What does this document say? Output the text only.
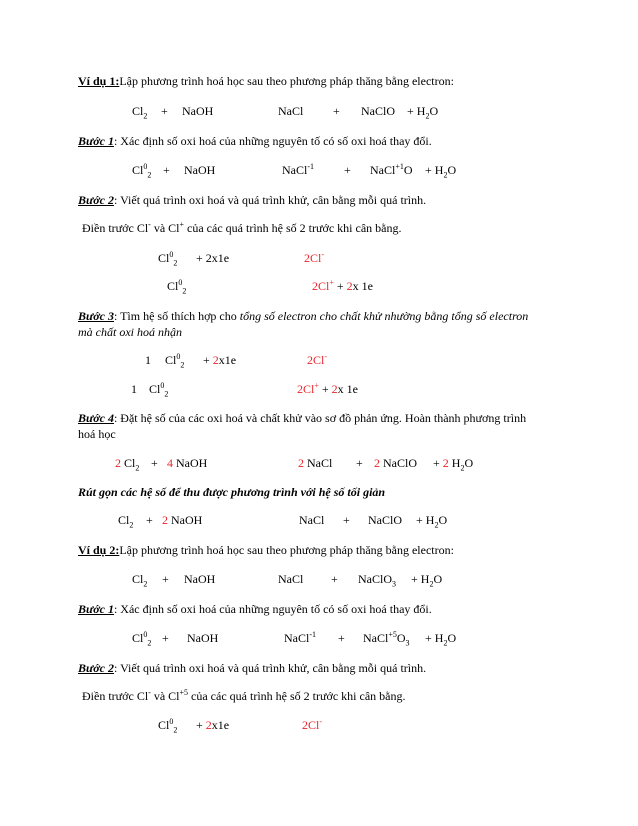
Ví dụ 1:Lập phương trình hoá học sau theo phương pháp thăng bằng electron:
$Cl_2$ + NaOH	NaCl + NaClO + $H_2O$
Bước 1: Xác định số oxi hoá của những nguyên tố có số oxi hoá thay đổi.
$Cl^0_2$ + NaOH	NaCl$^{-1}$ + NaCl$^{+1}$O + $H_2O$
Bước 2: Viết quá trình oxi hoá và quá trình khử, cân bằng mỗi quá trình.
Điền trước Cl- và Cl+ của các quá trình hệ số 2 trước khi cân bằng.
$Cl^0_2 + 2x1e$	2Cl-
$Cl^0_2$	2Cl+ + 2x 1e
Bước 3: Tìm hệ số thích hợp cho tổng số electron cho chất khử nhường bằng tổng số electron
mà chất oxi hoá nhận
1 $Cl^0_2 + 2x1e$	2Cl-
1 $Cl^0_2$	2Cl+ + 2x 1e
Bước 4: Đặt hệ số của các oxi hoá và chất khử vào sơ đồ phản ứng. Hoàn thành phương trình
hoá học
2 $Cl_2 + 4$ NaOH	2 NaCl + 2 NaClO + 2 $H_2O$
Rút gọn các hệ số để thu được phương trình với hệ số tối giản
$Cl_2 + 2$ NaOH	NaCl + NaClO + $H_2O$
Ví dụ 2:Lập phương trình hoá học sau theo phương pháp thăng bằng electron:
$Cl_2$ + NaOH	NaCl + NaClO$_3$ + $H_2O$
Bước 1: Xác định số oxi hoá của những nguyên tố có số oxi hoá thay đổi.
$Cl^0_2$ + NaOH	NaCl$^{-1}$ + $NaCl^{+5}O_3 + H_2O$
Bước 2: Viết quá trình oxi hoá và quá trình khử, cân bằng mỗi quá trình.
Điền trước Cl- và $Cl^{+5}$ của các quá trình hệ số 2 trước khi cân bằng.
$Cl^0_2 + 2x1e$	2Cl-
